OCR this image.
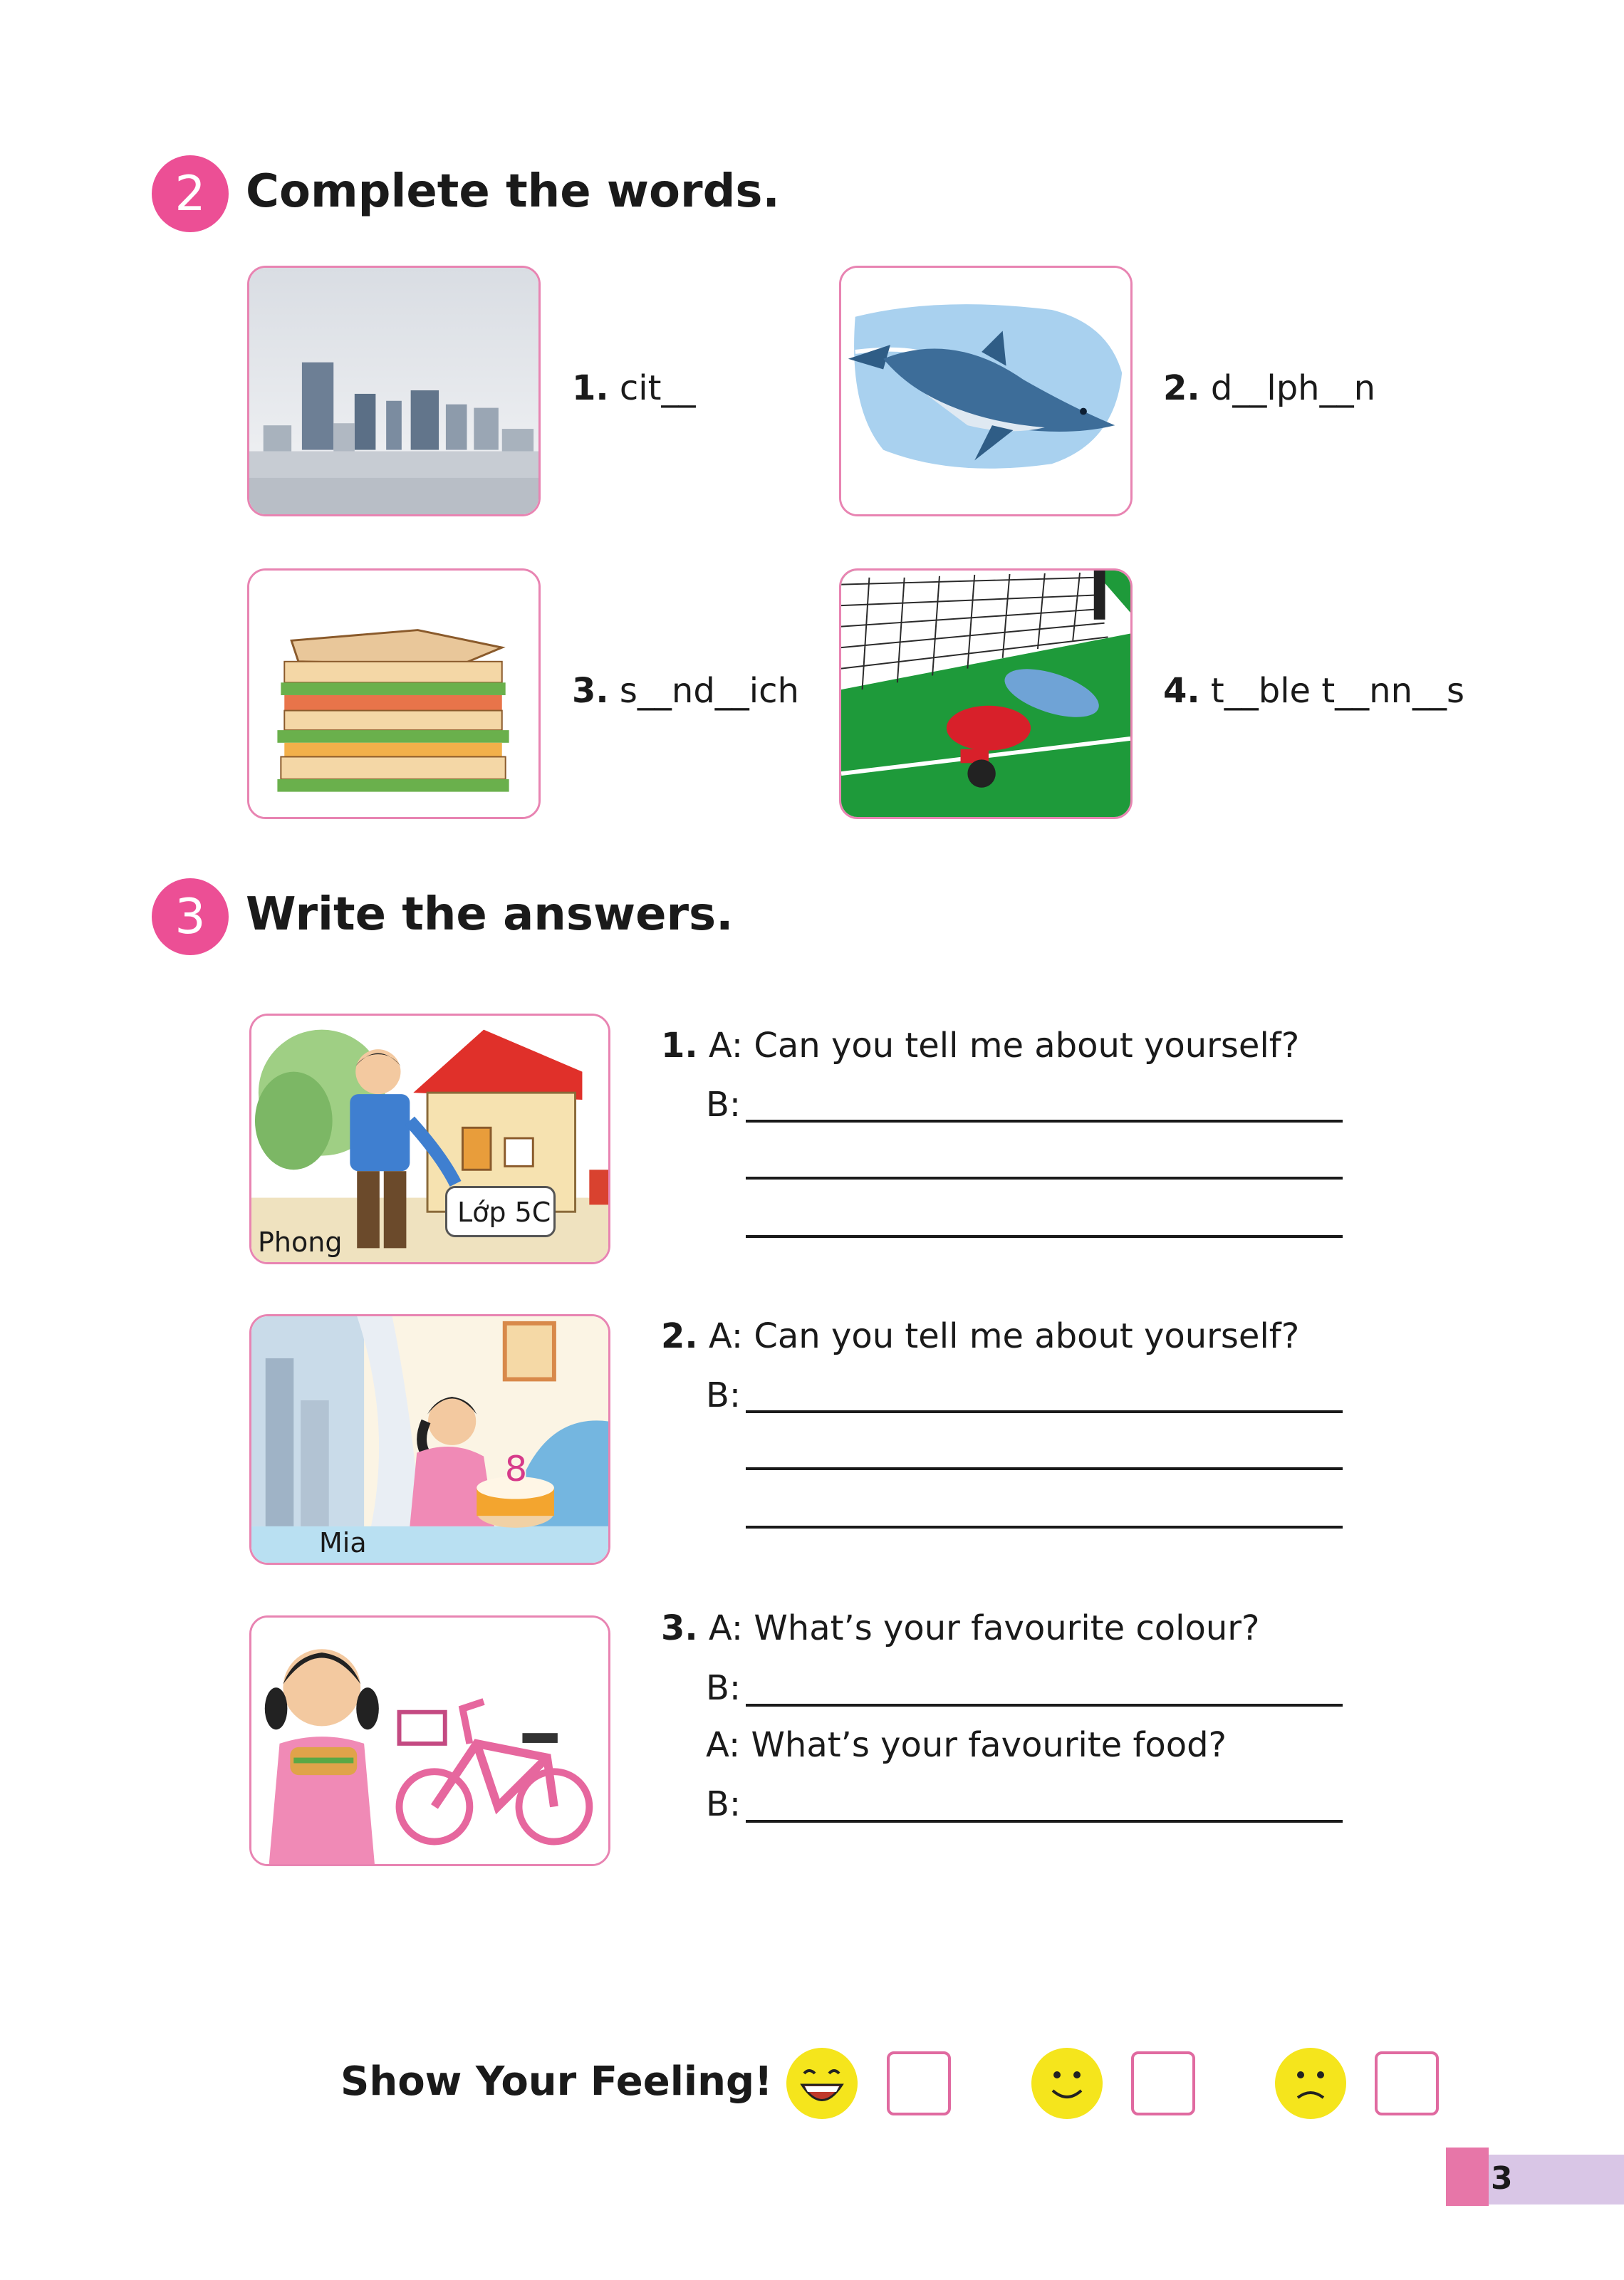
2 Complete the words.
1. cit__	2. d__lph__n
3. s__nd__ich	4. t__ble t__nn__s
3 Write the answers.
Phong
Lớp 5C
1. A: Can you tell me about yourself?
B:
8
Mia
2. A: Can you tell me about yourself?
B:
3. A: What’s your favourite colour?
B:
A: What’s your favourite food?
B:
Show Your Feeling!
3
